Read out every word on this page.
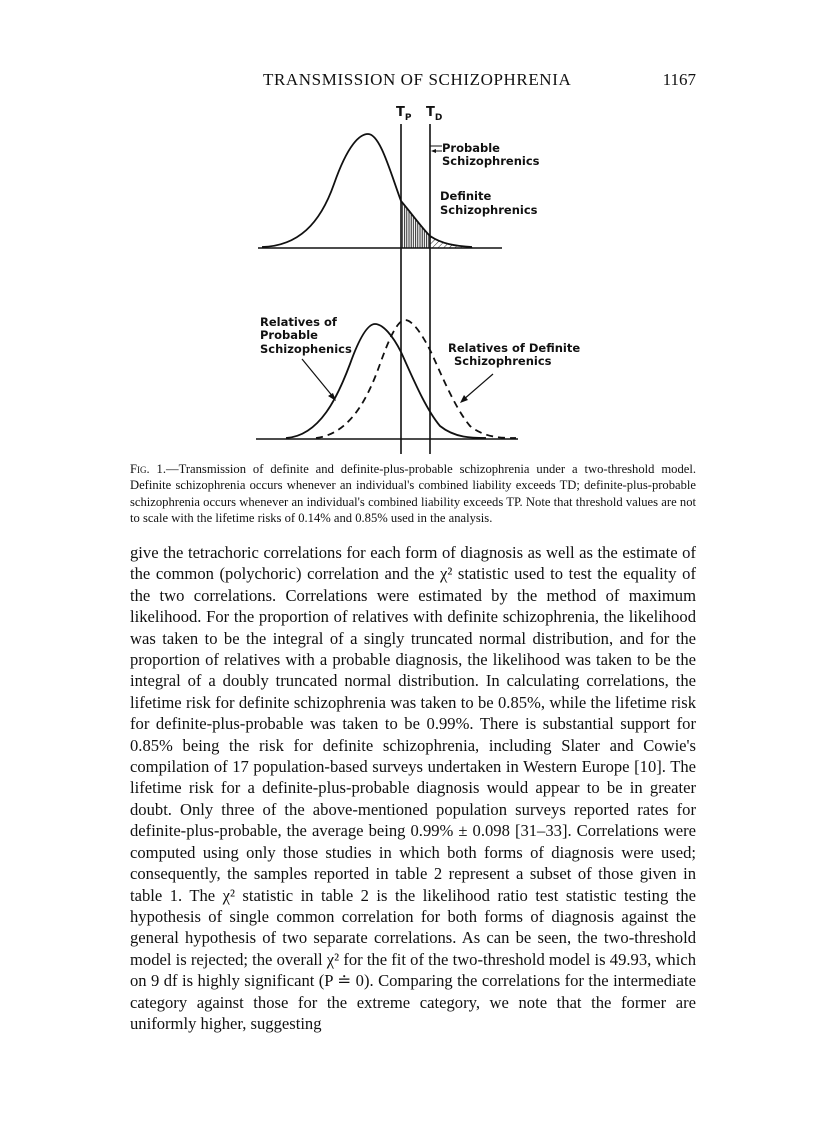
TRANSMISSION OF SCHIZOPHRENIA	1167
$T_P$ $T_D$
Probable Schizophrenics
Definite Schizophrenics
Relatives of Probable Schizophenics	Relatives of Definite Schizophrenics
Fig. 1.—Transmission of definite and definite-plus-probable schizophrenia under a two-threshold model. Definite schizophrenia occurs whenever an individual's combined liability exceeds TD; definite-plus-probable schizophrenia occurs whenever an individual's combined liability exceeds TP. Note that threshold values are not to scale with the lifetime risks of 0.14% and 0.85% used in the analysis.

give the tetrachoric correlations for each form of diagnosis as well as the estimate of the common (polychoric) correlation and the χ² statistic used to test the equality of the two correlations. Correlations were estimated by the method of maximum likelihood. For the proportion of relatives with definite schizophrenia, the likelihood was taken to be the integral of a singly truncated normal distribution, and for the proportion of relatives with a probable diagnosis, the likelihood was taken to be the integral of a doubly truncated normal distribution. In calculating correlations, the lifetime risk for definite schizophrenia was taken to be 0.85%, while the lifetime risk for definite-plus-probable was taken to be 0.99%. There is substantial support for 0.85% being the risk for definite schizophrenia, including Slater and Cowie's compilation of 17 population-based surveys undertaken in Western Europe [10]. The lifetime risk for a definite-plus-probable diagnosis would appear to be in greater doubt. Only three of the above-mentioned population surveys reported rates for definite-plus-probable, the average being 0.99% ± 0.098 [31–33]. Correlations were computed using only those studies in which both forms of diagnosis were used; consequently, the samples reported in table 2 represent a subset of those given in table 1. The χ² statistic in table 2 is the likelihood ratio test statistic testing the hypothesis of single common correlation for both forms of diagnosis against the general hypothesis of two separate correlations. As can be seen, the two-threshold model is rejected; the overall χ² for the fit of the two-threshold model is 49.93, which on 9 df is highly significant (P ≐ 0). Comparing the correlations for the intermediate category against those for the extreme category, we note that the former are uniformly higher, suggesting
